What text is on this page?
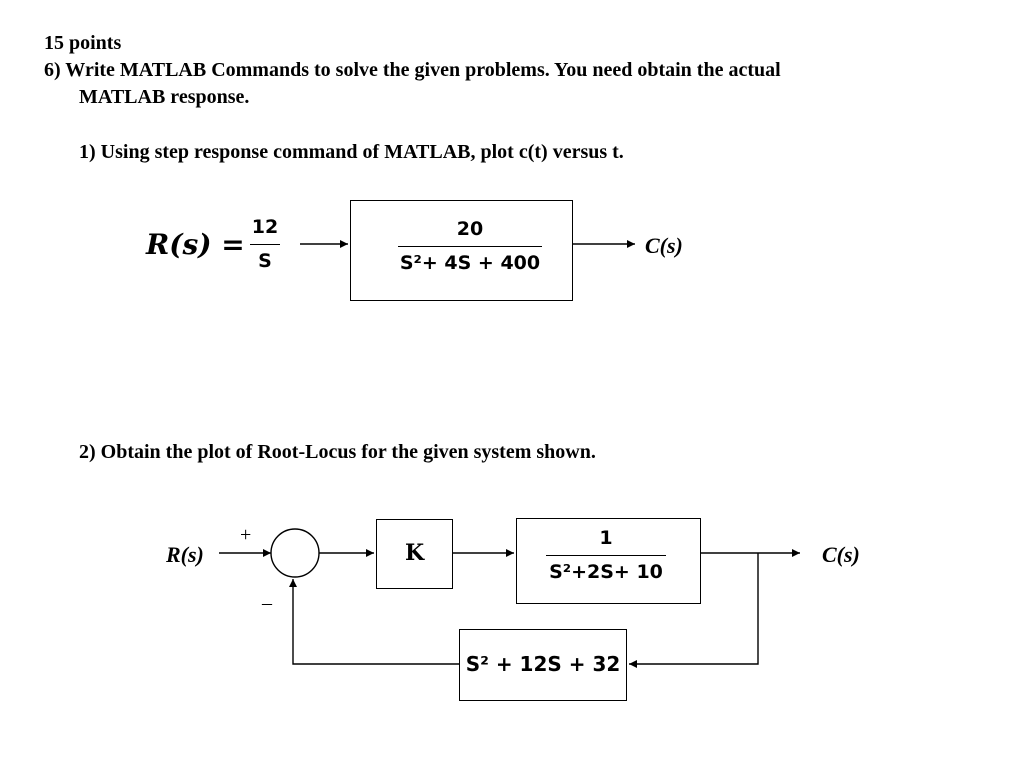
15 points
6) Write MATLAB Commands to solve the given problems. You need obtain the actual
MATLAB response.
1) Using step response command of MATLAB, plot c(t) versus t.
R(s) =
12
S
20
S²+ 4S + 400
C(s)
2) Obtain the plot of Root-Locus for the given system shown.
R(s)
+
–
K
1
S²+2S+ 10
C(s)
S² + 12S + 32
